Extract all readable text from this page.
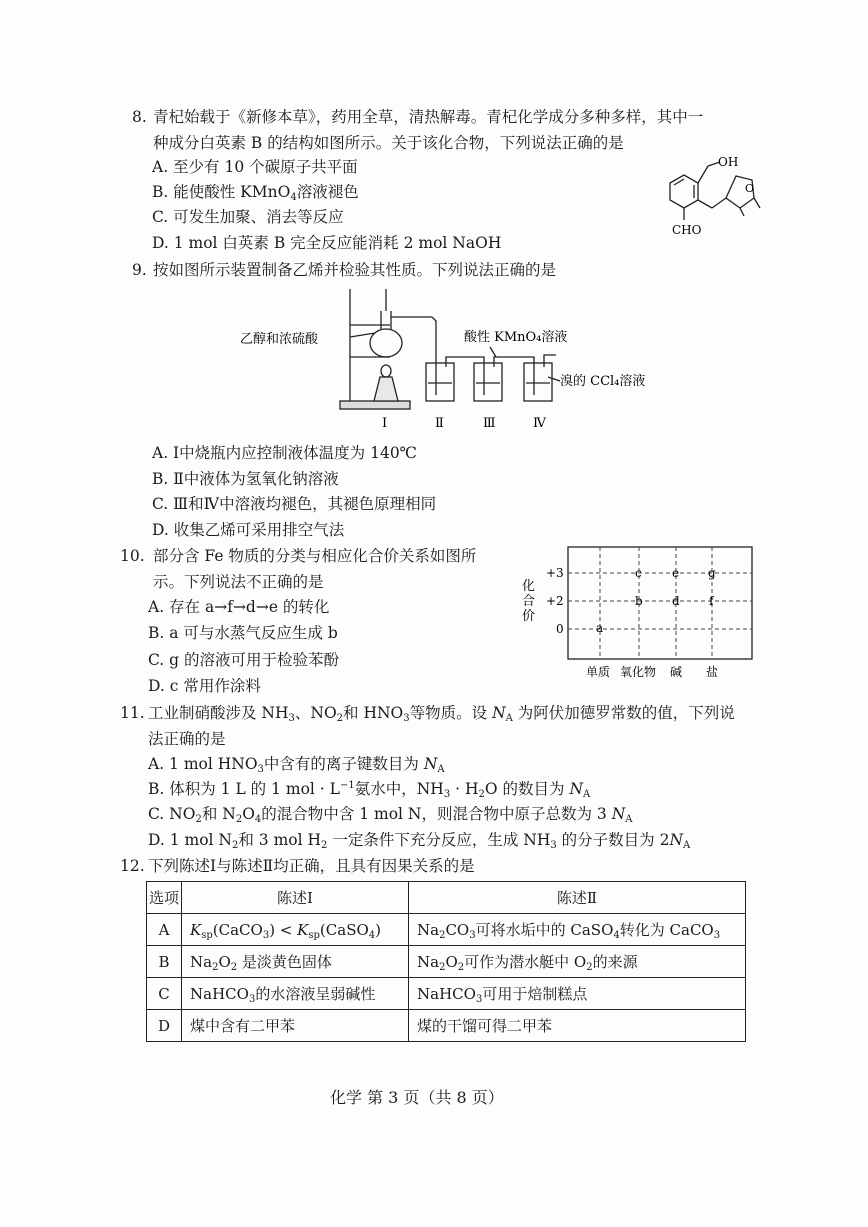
8. 青杞始载于《新修本草》，药用全草，清热解毒。青杞化学成分多种多样，其中一
种成分白英素 B 的结构如图所示。关于该化合物，下列说法正确的是
A. 至少有 10 个碳原子共平面
B. 能使酸性 KMnO$_4$溶液褪色
C. 可发生加聚、消去等反应
D. 1 mol 白英素 B 完全反应能消耗 2 mol NaOH
OH
O
CHO
9. 按如图所示装置制备乙烯并检验其性质。下列说法正确的是
乙醇和浓硫酸	酸性 KMnO₄溶液
溴的 CCl₄溶液
Ⅰ	Ⅱ	Ⅲ	Ⅳ
A. Ⅰ中烧瓶内应控制液体温度为 140℃
B. Ⅱ中液体为氢氧化钠溶液
C. Ⅲ和Ⅳ中溶液均褪色，其褪色原理相同
D. 收集乙烯可采用排空气法
10. 部分含 Fe 物质的分类与相应化合价关系如图所
示。下列说法不正确的是
A. 存在 a→f→d→e 的转化
B. a 可与水蒸气反应生成 b
C. g 的溶液可用于检验苯酚
D. c 常用作涂料
化
合
价
+3
+2
0	a
b
c
d
e
f
g
单质 氧化物 碱 盐
11. 工业制硝酸涉及 $NH_3$、$NO_2$和 $HNO_3$等物质。设 $N_A$ 为阿伏加德罗常数的值，下列说
法正确的是
A. 1 mol $HNO_3$中含有的离子键数目为 $N_A$
B. 体积为 1 L 的 1 mol · $L^{-1}$氨水中，$NH_3 \cdot H_2O$ 的数目为 $N_A$
C. $NO_2$和 $N_2O_4$的混合物中含 1 mol N，则混合物中原子总数为 3 $N_A$
D. 1 mol $N_2$和 3 mol $H_2$ 一定条件下充分反应，生成 $NH_3$ 的分子数目为 $2N_A$
12. 下列陈述Ⅰ与陈述Ⅱ均正确，且具有因果关系的是
选项	陈述Ⅰ	陈述Ⅱ
A	$K_{sp}(CaCO_3)$ < $K_{sp}(CaSO_4)$	$Na_2CO_3$可将水垢中的 CaSO$_4$转化为 CaCO$_3$
B	$Na_2O_2$ 是淡黄色固体	$Na_2O_2$可作为潜水艇中 $O_2$的来源
C	NaHCO$_3$的水溶液呈弱碱性	NaHCO$_3$可用于焙制糕点
D	煤中含有二甲苯	煤的干馏可得二甲苯
化学 第 3 页（共 8 页）
